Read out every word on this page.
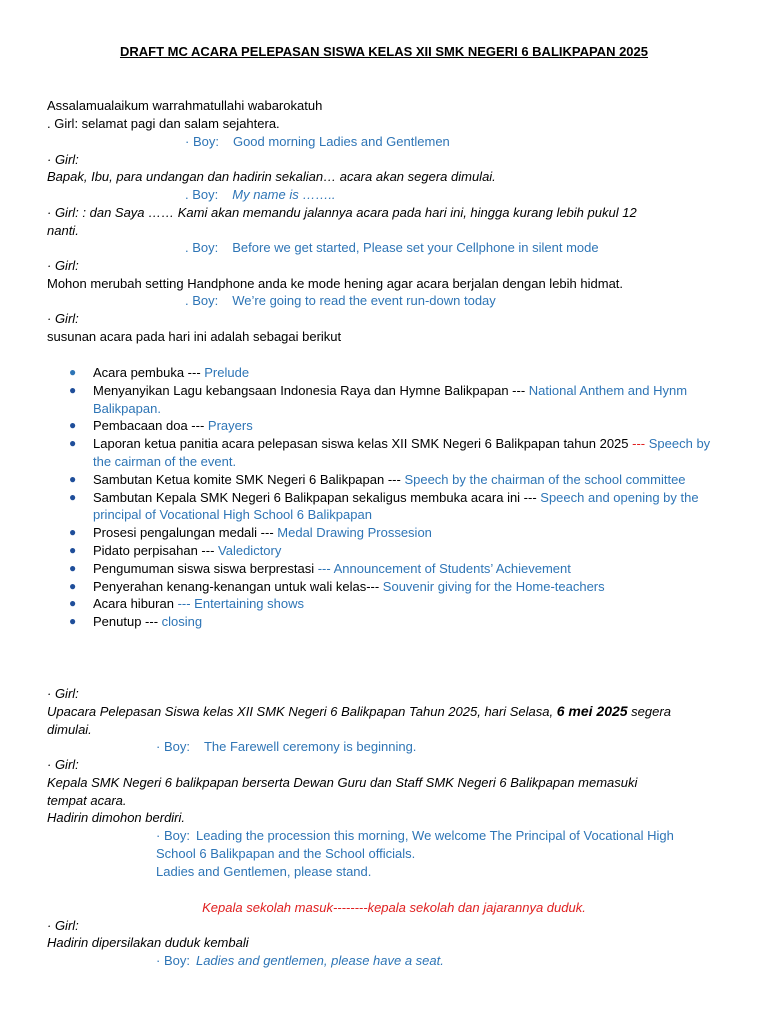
DRAFT MC ACARA PELEPASAN SISWA KELAS XII SMK NEGERI 6 BALIKPAPAN 2025
Assalamualaikum warrahmatullahi wabarokatuh
. Girl: selamat pagi dan salam sejahtera.
· Boy: Good morning Ladies and Gentlemen
· Girl:
Bapak, Ibu, para undangan dan hadirin sekalian… acara akan segera dimulai.
. Boy: My name is ……..
· Girl: : dan Saya …… Kami akan memandu jalannya acara pada hari ini, hingga kurang lebih pukul 12
nanti.
. Boy: Before we get started, Please set your Cellphone in silent mode
· Girl:
Mohon merubah setting Handphone anda ke mode hening agar acara berjalan dengan lebih hidmat.
. Boy: We’re going to read the event run-down today
· Girl:
susunan acara pada hari ini adalah sebagai berikut
● Acara pembuka --- Prelude
● Menyanyikan Lagu kebangsaan Indonesia Raya dan Hymne Balikpapan --- National Anthem and Hynm Balikpapan.
● Pembacaan doa --- Prayers
● Laporan ketua panitia acara pelepasan siswa kelas XII SMK Negeri 6 Balikpapan tahun 2025 --- Speech by the cairman of the event.
● Sambutan Ketua komite SMK Negeri 6 Balikpapan --- Speech by the chairman of the school committee
● Sambutan Kepala SMK Negeri 6 Balikpapan sekaligus membuka acara ini --- Speech and opening by the principal of Vocational High School 6 Balikpapan
● Prosesi pengalungan medali --- Medal Drawing Prossesion
● Pidato perpisahan --- Valedictory
● Pengumuman siswa siswa berprestasi --- Announcement of Students’ Achievement
● Penyerahan kenang-kenangan untuk wali kelas--- Souvenir giving for the Home-teachers
● Acara hiburan --- Entertaining shows
● Penutup --- closing
· Girl:
Upacara Pelepasan Siswa kelas XII SMK Negeri 6 Balikpapan Tahun 2025, hari Selasa, 6 mei 2025 segera
dimulai.
· Boy: The Farewell ceremony is beginning.
· Girl:
Kepala SMK Negeri 6 balikpapan berserta Dewan Guru dan Staff SMK Negeri 6 Balikpapan memasuki
tempat acara.
Hadirin dimohon berdiri.
· Boy: Leading the procession this morning, We welcome The Principal of Vocational High
School 6 Balikpapan and the School officials.
Ladies and Gentlemen, please stand.
Kepala sekolah masuk--------kepala sekolah dan jajarannya duduk.
· Girl:
Hadirin dipersilakan duduk kembali
· Boy: Ladies and gentlemen, please have a seat.
